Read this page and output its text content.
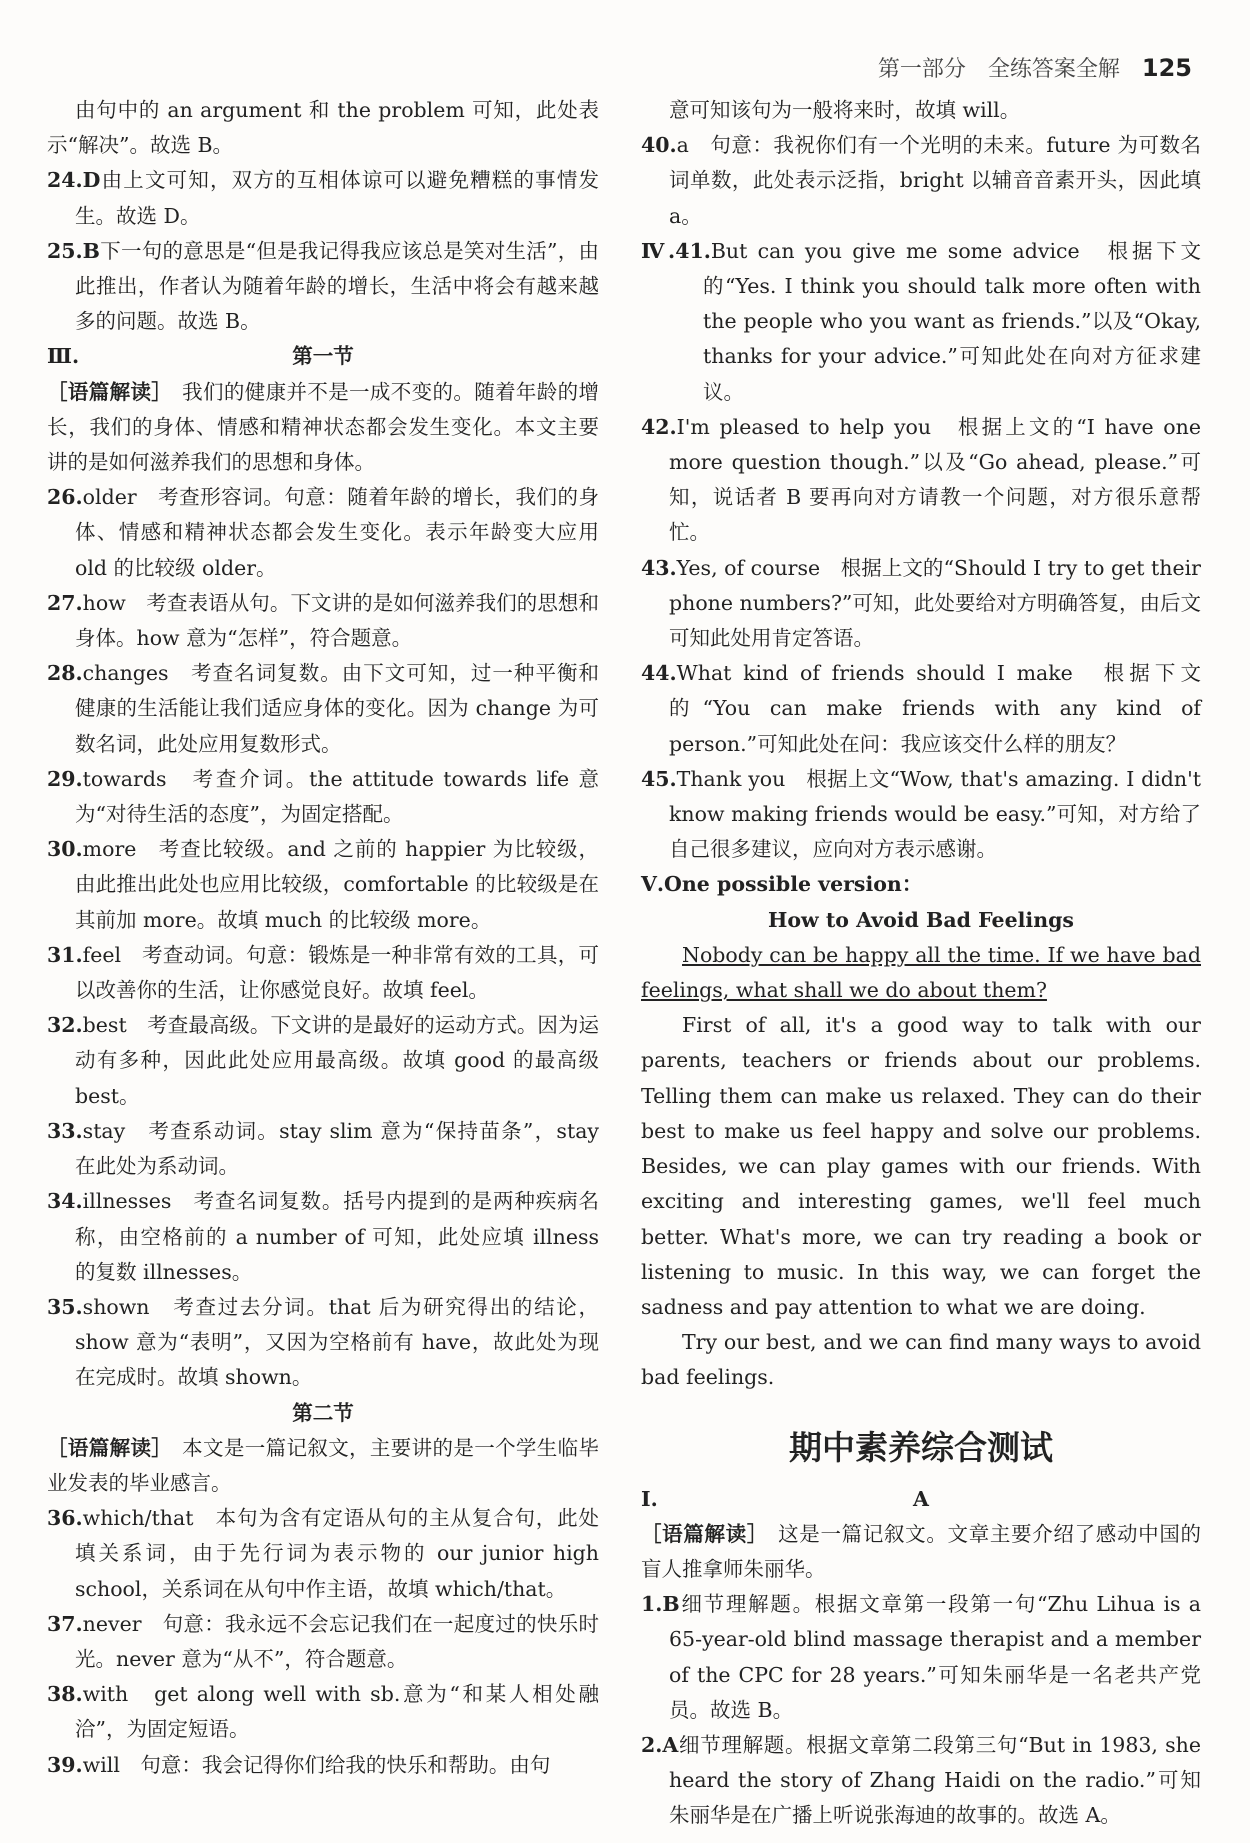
第一部分 全练答案全解 125

由句中的 an argument 和 the problem 可知，此处表示“解决”。故选 B。

24.D由上文可知，双方的互相体谅可以避免糟糕的事情发生。故选 D。

25.B下一句的意思是“但是我记得我应该总是笑对生活”，由此推出，作者认为随着年龄的增长，生活中将会有越来越多的问题。故选 B。

Ⅲ.	第一节

［语篇解读］ 我们的健康并不是一成不变的。随着年龄的增长，我们的身体、情感和精神状态都会发生变化。本文主要讲的是如何滋养我们的思想和身体。

26.older　考查形容词。句意：随着年龄的增长，我们的身体、情感和精神状态都会发生变化。表示年龄变大应用 old 的比较级 older。

27.how　考查表语从句。下文讲的是如何滋养我们的思想和身体。how 意为“怎样”，符合题意。

28.changes　考查名词复数。由下文可知，过一种平衡和健康的生活能让我们适应身体的变化。因为 change 为可数名词，此处应用复数形式。

29.towards　考查介词。the attitude towards life 意为“对待生活的态度”，为固定搭配。

30.more　考查比较级。and 之前的 happier 为比较级，由此推出此处也应用比较级，comfortable 的比较级是在其前加 more。故填 much 的比较级 more。

31.feel　考查动词。句意：锻炼是一种非常有效的工具，可以改善你的生活，让你感觉良好。故填 feel。

32.best　考查最高级。下文讲的是最好的运动方式。因为运动有多种，因此此处应用最高级。故填 good 的最高级 best。

33.stay　考查系动词。stay slim 意为“保持苗条”，stay 在此处为系动词。

34.illnesses　考查名词复数。括号内提到的是两种疾病名称，由空格前的 a number of 可知，此处应填 illness 的复数 illnesses。

35.shown　考查过去分词。that 后为研究得出的结论，show 意为“表明”，又因为空格前有 have，故此处为现在完成时。故填 shown。

第二节

［语篇解读］ 本文是一篇记叙文，主要讲的是一个学生临毕业发表的毕业感言。

36.which/that　本句为含有定语从句的主从复合句，此处填关系词，由于先行词为表示物的 our junior high school，关系词在从句中作主语，故填 which/that。

37.never　句意：我永远不会忘记我们在一起度过的快乐时光。never 意为“从不”，符合题意。

38.with　get along well with sb.意为“和某人相处融洽”，为固定短语。

39.will　句意：我会记得你们给我的快乐和帮助。由句

意可知该句为一般将来时，故填 will。

40.a　句意：我祝你们有一个光明的未来。future 为可数名词单数，此处表示泛指，bright 以辅音音素开头，因此填 a。

Ⅳ.41.But can you give me some advice　根据下文的“Yes. I think you should talk more often with the people who you want as friends.”以及“Okay, thanks for your advice.”可知此处在向对方征求建议。

42.I'm pleased to help you　根据上文的“I have one more question though.”以及“Go ahead, please.”可知，说话者 B 要再向对方请教一个问题，对方很乐意帮忙。

43.Yes, of course　根据上文的“Should I try to get their phone numbers?”可知，此处要给对方明确答复，由后文可知此处用肯定答语。

44.What kind of friends should I make　根据下文的“You can make friends with any kind of person.”可知此处在问：我应该交什么样的朋友？

45.Thank you　根据上文“Wow, that's amazing. I didn't know making friends would be easy.”可知，对方给了自己很多建议，应向对方表示感谢。

Ⅴ.One possible version：

How to Avoid Bad Feelings

Nobody can be happy all the time. If we have bad feelings, what shall we do about them?

First of all, it's a good way to talk with our parents, teachers or friends about our problems. Telling them can make us relaxed. They can do their best to make us feel happy and solve our problems. Besides, we can play games with our friends. With exciting and interesting games, we'll feel much better. What's more, we can try reading a book or listening to music. In this way, we can forget the sadness and pay attention to what we are doing.

Try our best, and we can find many ways to avoid bad feelings.

期中素养综合测试

Ⅰ.	A

［语篇解读］ 这是一篇记叙文。文章主要介绍了感动中国的盲人推拿师朱丽华。

1.B细节理解题。根据文章第一段第一句“Zhu Lihua is a 65-year-old blind massage therapist and a member of the CPC for 28 years.”可知朱丽华是一名老共产党员。故选 B。

2.A细节理解题。根据文章第二段第三句“But in 1983, she heard the story of Zhang Haidi on the radio.”可知朱丽华是在广播上听说张海迪的故事的。故选 A。
